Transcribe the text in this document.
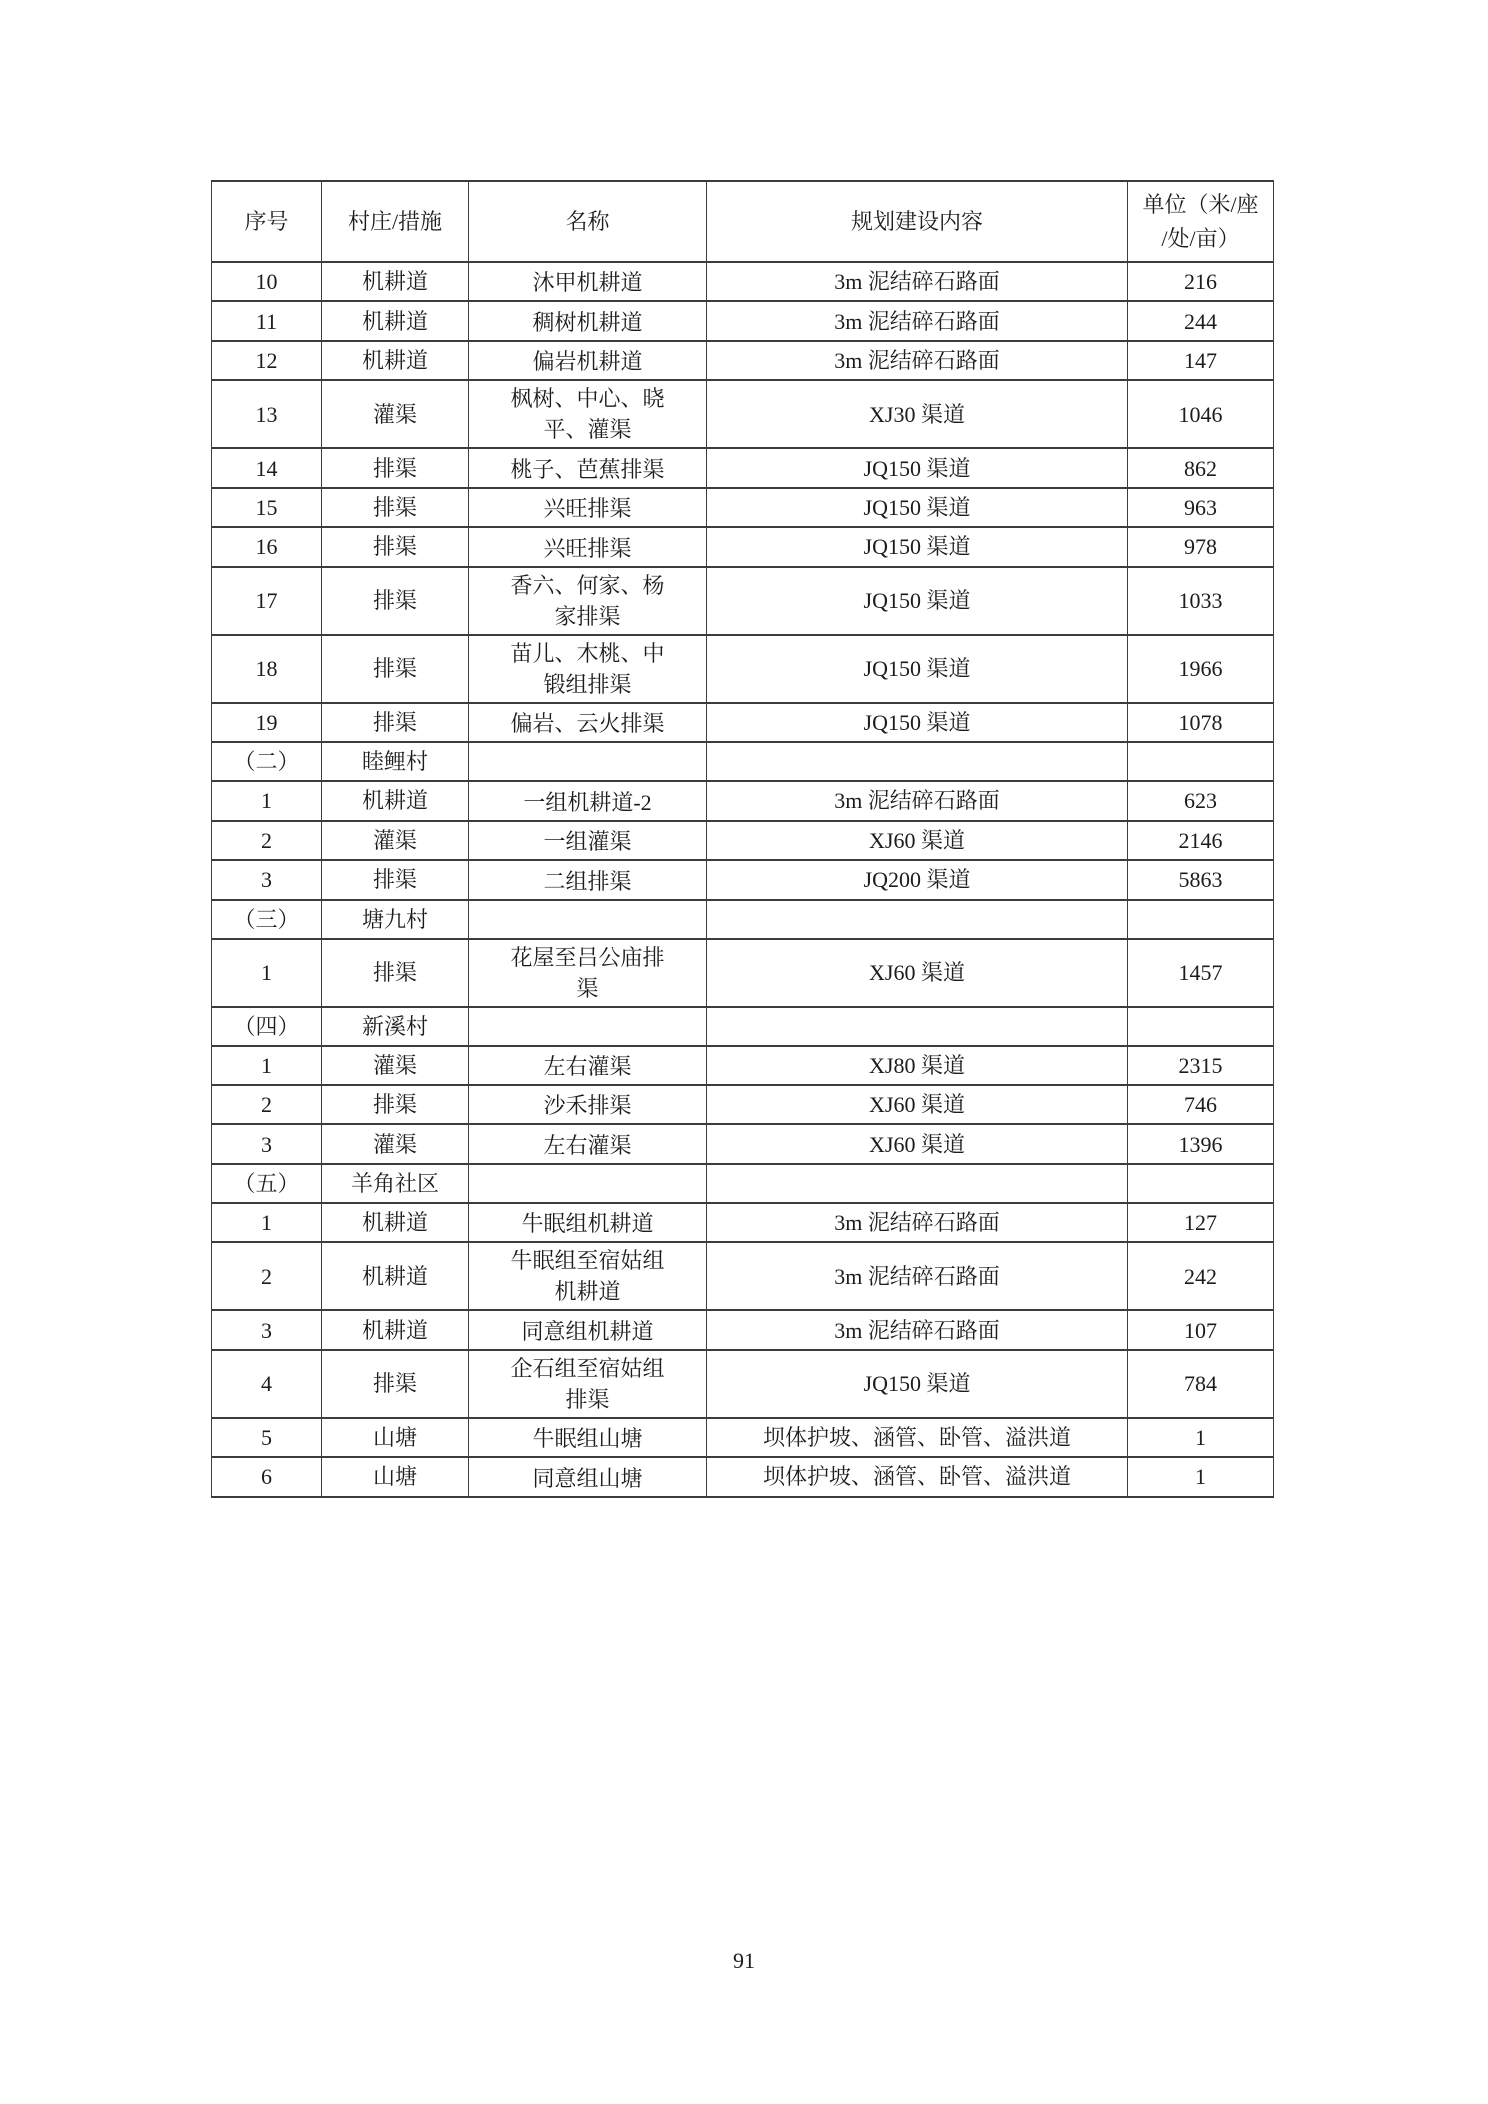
序号	村庄/措施	名称	规划建设内容	单位（米/座/处/亩）
10	机耕道	沐甲机耕道	3m 泥结碎石路面	216
11	机耕道	稠树机耕道	3m 泥结碎石路面	244
12	机耕道	偏岩机耕道	3m 泥结碎石路面	147
13	灌渠	枫树、中心、晓平、灌渠	XJ30 渠道	1046
14	排渠	桃子、芭蕉排渠	JQ150 渠道	862
15	排渠	兴旺排渠	JQ150 渠道	963
16	排渠	兴旺排渠	JQ150 渠道	978
17	排渠	香六、何家、杨家排渠	JQ150 渠道	1033
18	排渠	苗儿、木桃、中锻组排渠	JQ150 渠道	1966
19	排渠	偏岩、云火排渠	JQ150 渠道	1078
（二）	睦鲤村			
1	机耕道	一组机耕道-2	3m 泥结碎石路面	623
2	灌渠	一组灌渠	XJ60 渠道	2146
3	排渠	二组排渠	JQ200 渠道	5863
（三）	塘九村			
1	排渠	花屋至吕公庙排渠	XJ60 渠道	1457
（四）	新溪村			
1	灌渠	左右灌渠	XJ80 渠道	2315
2	排渠	沙禾排渠	XJ60 渠道	746
3	灌渠	左右灌渠	XJ60 渠道	1396
（五）	羊角社区			
1	机耕道	牛眠组机耕道	3m 泥结碎石路面	127
2	机耕道	牛眠组至宿姑组机耕道	3m 泥结碎石路面	242
3	机耕道	同意组机耕道	3m 泥结碎石路面	107
4	排渠	企石组至宿姑组排渠	JQ150 渠道	784
5	山塘	牛眠组山塘	坝体护坡、涵管、卧管、溢洪道	1
6	山塘	同意组山塘	坝体护坡、涵管、卧管、溢洪道	1
91
